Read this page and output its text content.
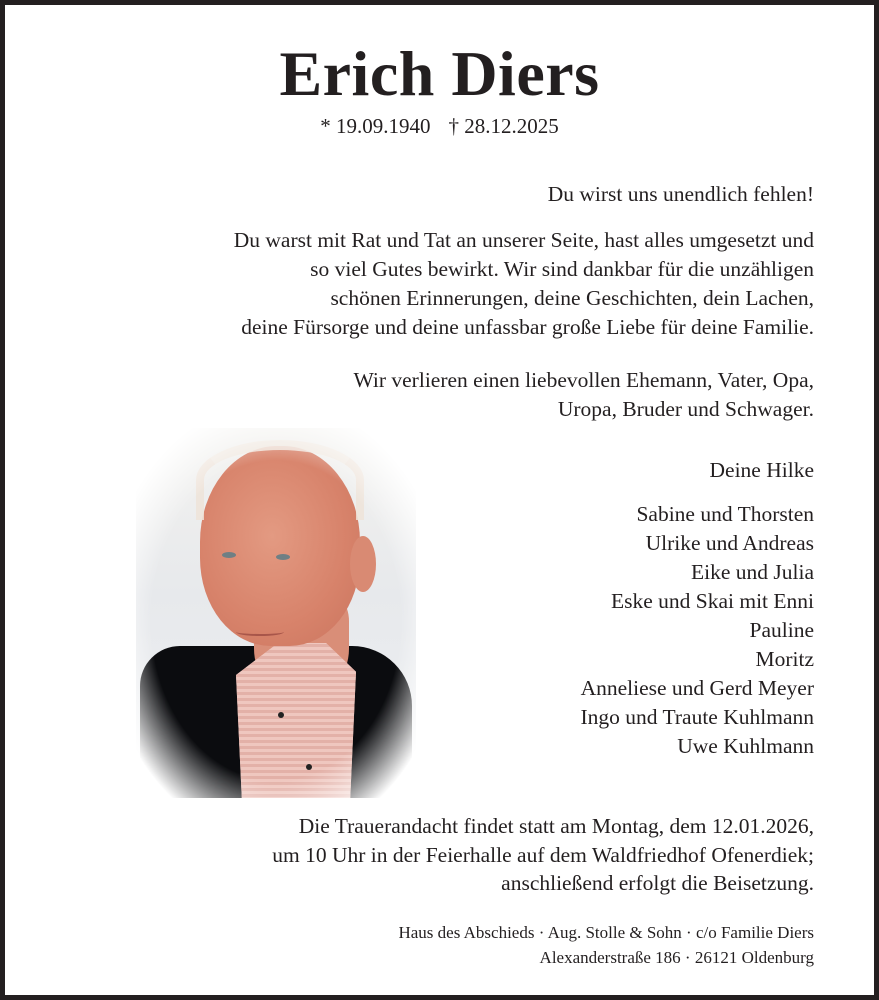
Erich Diers
* 19.09.1940 † 28.12.2025
Du wirst uns unendlich fehlen!
Du warst mit Rat und Tat an unserer Seite, hast alles umgesetzt und
so viel Gutes bewirkt. Wir sind dankbar für die unzähligen
schönen Erinnerungen, deine Geschichten, dein Lachen,
deine Fürsorge und deine unfassbar große Liebe für deine Familie.
Wir verlieren einen liebevollen Ehemann, Vater, Opa,
Uropa, Bruder und Schwager.
Deine Hilke
Sabine und Thorsten
Ulrike und Andreas
Eike und Julia
Eske und Skai mit Enni
Pauline
Moritz
Anneliese und Gerd Meyer
Ingo und Traute Kuhlmann
Uwe Kuhlmann
Die Trauerandacht findet statt am Montag, dem 12.01.2026,
um 10 Uhr in der Feierhalle auf dem Waldfriedhof Ofenerdiek;
anschließend erfolgt die Beisetzung.
Haus des Abschieds · Aug. Stolle & Sohn · c/o Familie Diers
Alexanderstraße 186 · 26121 Oldenburg
